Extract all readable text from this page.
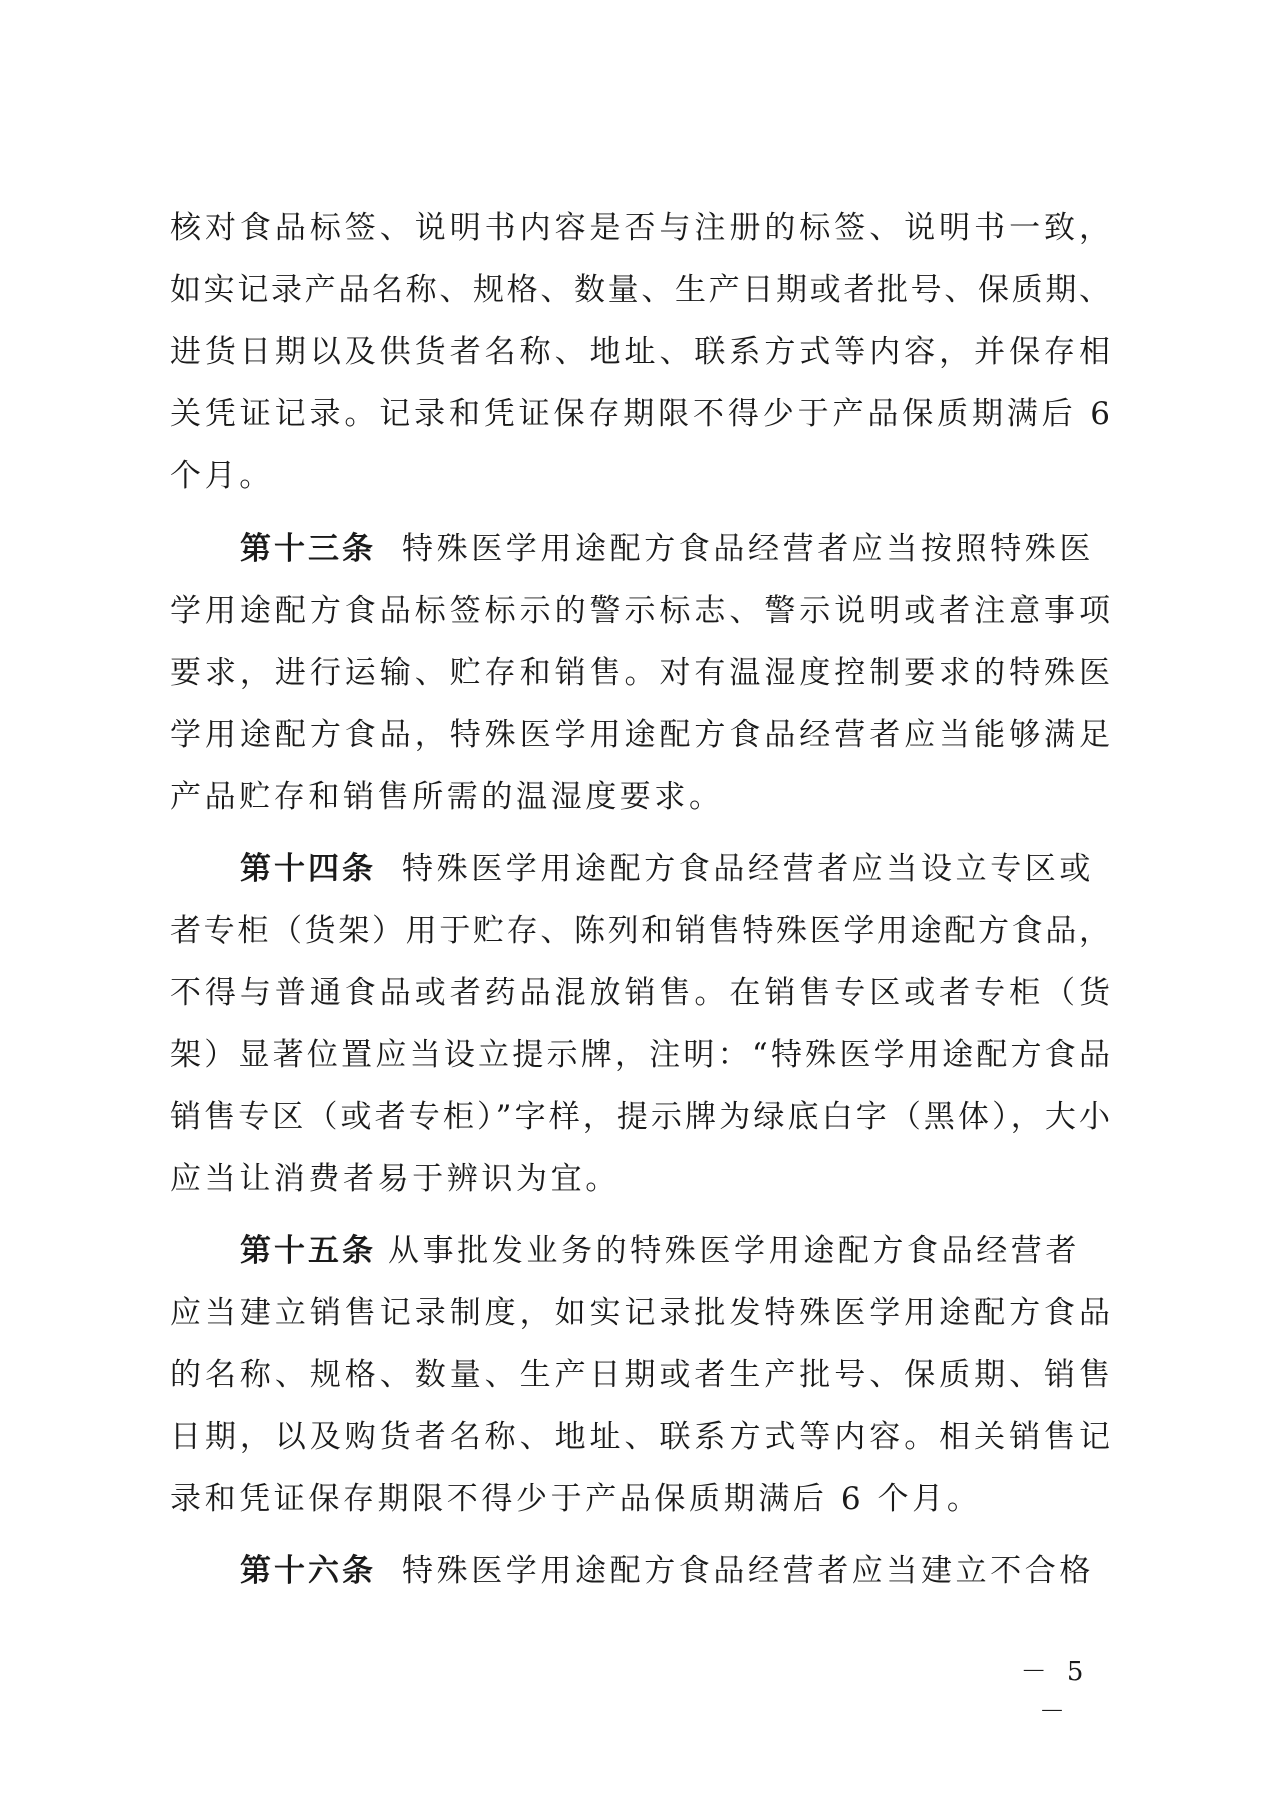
核对食品标签、说明书内容是否与注册的标签、说明书一致，
如实记录产品名称、规格、数量、生产日期或者批号、保质期、
进货日期以及供货者名称、地址、联系方式等内容，并保存相
关凭证记录。记录和凭证保存期限不得少于产品保质期满后 6
个月。
第十三条 特殊医学用途配方食品经营者应当按照特殊医
学用途配方食品标签标示的警示标志、警示说明或者注意事项
要求，进行运输、贮存和销售。对有温湿度控制要求的特殊医
学用途配方食品，特殊医学用途配方食品经营者应当能够满足
产品贮存和销售所需的温湿度要求。
第十四条 特殊医学用途配方食品经营者应当设立专区或
者专柜（货架）用于贮存、陈列和销售特殊医学用途配方食品，
不得与普通食品或者药品混放销售。在销售专区或者专柜（货
架）显著位置应当设立提示牌，注明：“特殊医学用途配方食品
销售专区（或者专柜）”字样，提示牌为绿底白字（黑体），大小
应当让消费者易于辨识为宜。
第十五条 从事批发业务的特殊医学用途配方食品经营者
应当建立销售记录制度，如实记录批发特殊医学用途配方食品
的名称、规格、数量、生产日期或者生产批号、保质期、销售
日期，以及购货者名称、地址、联系方式等内容。相关销售记
录和凭证保存期限不得少于产品保质期满后 6 个月。
第十六条 特殊医学用途配方食品经营者应当建立不合格
－ 5 －
